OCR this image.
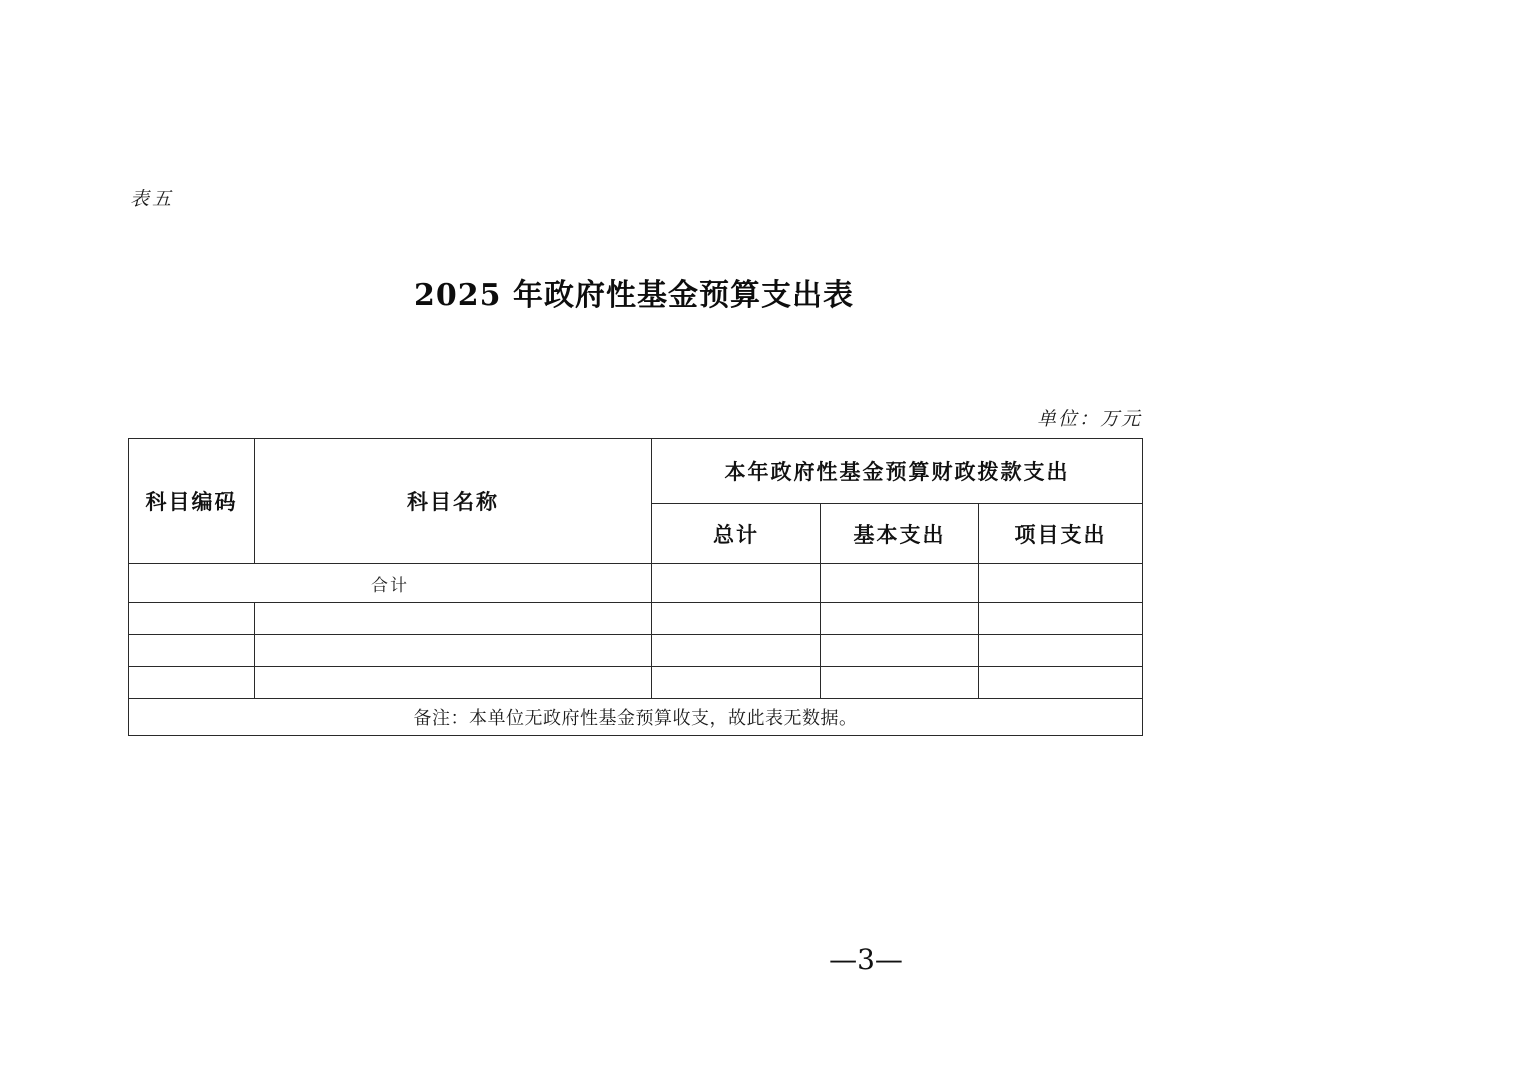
表五
2025 年政府性基金预算支出表
单位：万元
科目编码	科目名称	本年政府性基金预算财政拨款支出		
		总计	基本支出	项目支出
合计				

备注：本单位无政府性基金预算收支，故此表无数据。				
—3—
